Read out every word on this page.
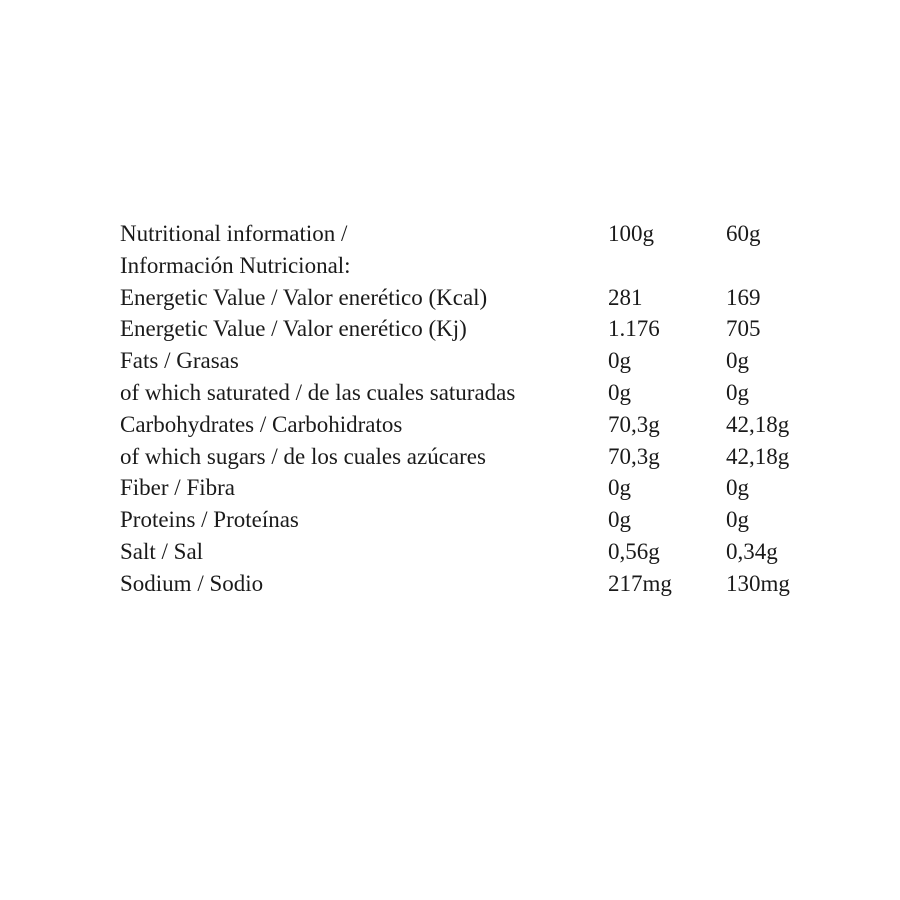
Nutritional information /	100g	60g
Información Nutricional:
Energetic Value / Valor enerético (Kcal)	281	169
Energetic Value / Valor enerético (Kj)	1.176	705
Fats / Grasas	0g	0g
of which saturated / de las cuales saturadas	0g	0g
Carbohydrates / Carbohidratos	70,3g	42,18g
of which sugars / de los cuales azúcares	70,3g	42,18g
Fiber / Fibra	0g	0g
Proteins / Proteínas	0g	0g
Salt / Sal	0,56g	0,34g
Sodium / Sodio	217mg 130mg
